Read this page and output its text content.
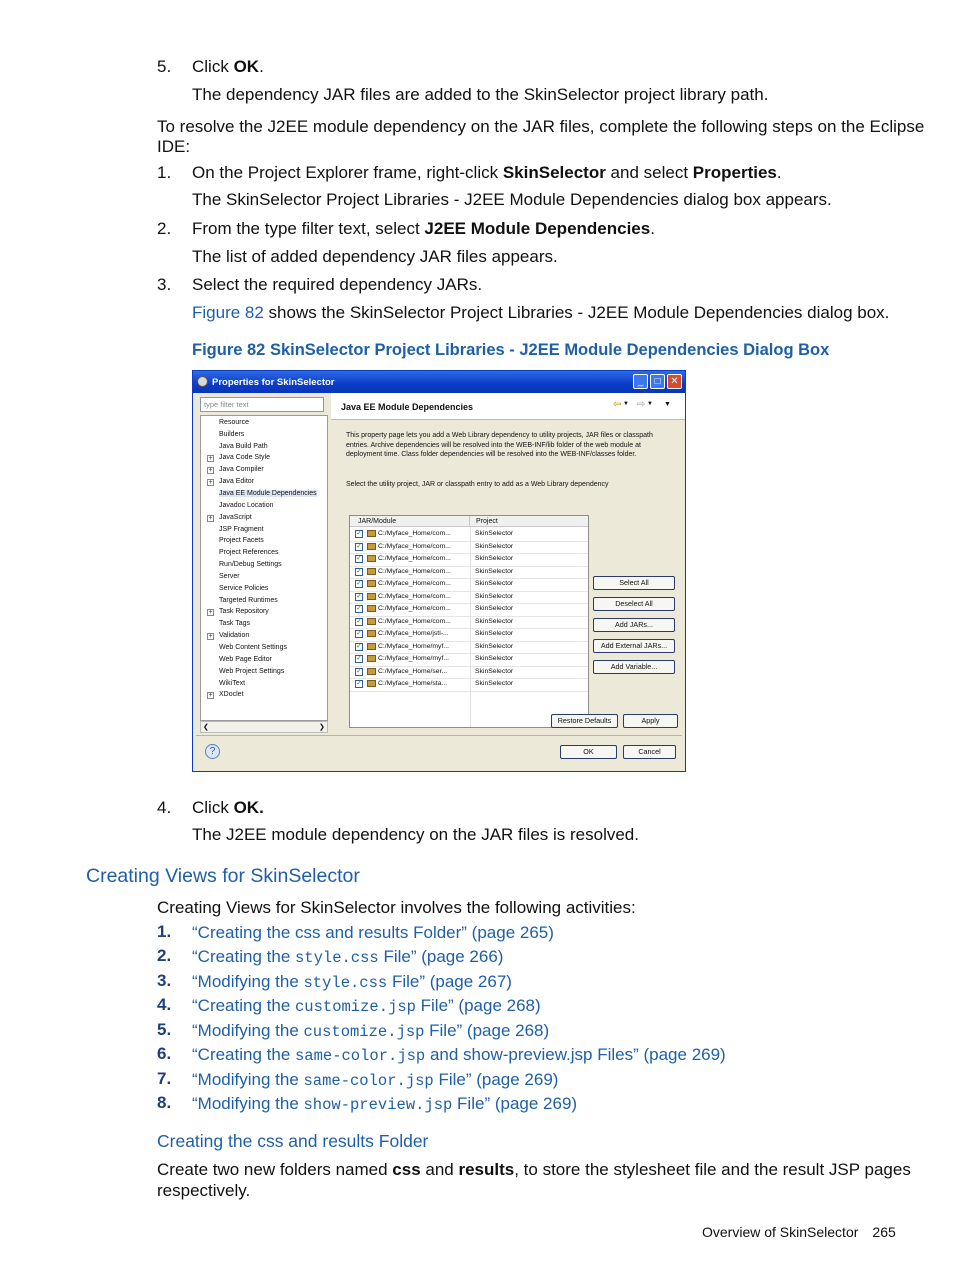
5. Click OK.
The dependency JAR files are added to the SkinSelector project library path.
To resolve the J2EE module dependency on the JAR files, complete the following steps on the Eclipse
IDE:
1. On the Project Explorer frame, right-click SkinSelector and select Properties.
The SkinSelector Project Libraries - J2EE Module Dependencies dialog box appears.
2. From the type filter text, select J2EE Module Dependencies.
The list of added dependency JAR files appears.
3. Select the required dependency JARs.
Figure 82 shows the SkinSelector Project Libraries - J2EE Module Dependencies dialog box.
Figure 82 SkinSelector Project Libraries - J2EE Module Dependencies Dialog Box
Properties for SkinSelector	_	□ ✕
type filter text
Resource
Builders
Java Build Path
+ Java Code Style
+ Java Compiler
+ Java Editor
Java EE Module Dependencies
Javadoc Location
+ JavaScript
JSP Fragment
Project Facets
Project References
Run/Debug Settings
Server
Service Policies
Targeted Runtimes
+ Task Repository
Task Tags
+ Validation
Web Content Settings
Web Page Editor
Web Project Settings
WikiText
+ XDoclet
❮	❯
Java EE Module Dependencies	⇦ ▼ ⇨ ▼ ▼
This property page lets you add a Web Library dependency to utility projects, JAR files or classpath entries. Archive dependencies will be resolved into the WEB-INF/lib folder of the web module at deployment time. Class folder dependencies will be resolved into the WEB-INF/classes folder.
Select the utility project, JAR or classpath entry to add as a Web Library dependency
JAR/Module	Project
✓ C:/Myface_Home/com...	SkinSelector
✓ C:/Myface_Home/com...	SkinSelector
✓ C:/Myface_Home/com...	SkinSelector
✓ C:/Myface_Home/com...	SkinSelector
✓ C:/Myface_Home/com...	SkinSelector
✓ C:/Myface_Home/com...	SkinSelector
✓ C:/Myface_Home/com...	SkinSelector
✓ C:/Myface_Home/com...	SkinSelector
✓ C:/Myface_Home/jstl-...	SkinSelector
✓ C:/Myface_Home/myf...	SkinSelector
✓ C:/Myface_Home/myf...	SkinSelector
✓ C:/Myface_Home/ser...	SkinSelector
✓ C:/Myface_Home/sta...	SkinSelector
Select All
Deselect All
Add JARs...
Add External JARs...
Add Variable...
Restore Defaults	Apply
?	OK	Cancel
4. Click OK.
The J2EE module dependency on the JAR files is resolved.
Creating Views for SkinSelector
Creating Views for SkinSelector involves the following activities:
1. “Creating the css and results Folder” (page 265)
2. “Creating the style.css File” (page 266)
3. “Modifying the style.css File” (page 267)
4. “Creating the customize.jsp File” (page 268)
5. “Modifying the customize.jsp File” (page 268)
6. “Creating the same-color.jsp and show-preview.jsp Files” (page 269)
7. “Modifying the same-color.jsp File” (page 269)
8. “Modifying the show-preview.jsp File” (page 269)
Creating the css and results Folder
Create two new folders named css and results, to store the stylesheet file and the result JSP pages
respectively.
Overview of SkinSelector 265
